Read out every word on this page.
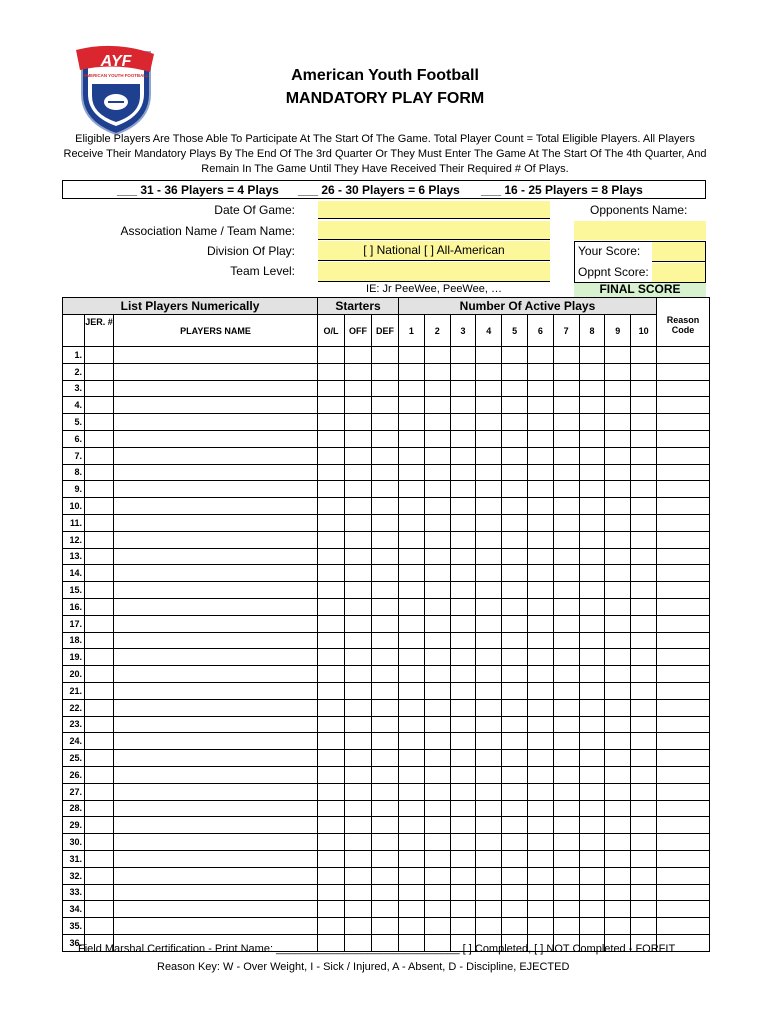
AYF
AMERICAN YOUTH FOOTBALL	American Youth Football
MANDATORY PLAY FORM
Eligible Players Are Those Able To Participate At The Start Of The Game. Total Player Count = Total Eligible Players. All Players Receive Their Mandatory Plays By The End Of The 3rd Quarter Or They Must Enter The Game At The Start Of The 4th Quarter, And Remain In The Game Until They Have Received Their Required # Of Plays.
___ 31 - 36 Players = 4 Plays ___ 26 - 30 Players = 6 Plays ___ 16 - 25 Players = 8 Plays
Date Of Game:
Association Name / Team Name:
Division Of Play:	[ ] National [ ] All-American
Team Level:
IE: Jr PeeWee, PeeWee, …
Opponents Name:
Your Score:
Oppnt Score:
FINAL SCORE
List Players Numerically			Starters			Number Of Active Plays										
	JER. #	PLAYERS NAME	O/L	OFF	DEF	1	2	3	4	5	6	7	8	9	10	Reason Code
1.																
2.																
3.																
4.																
5.																
6.																
7.																
8.																
9.																
10.																
11.																
12.																
13.																
14.																
15.																
16.																
17.																
18.																
19.																
20.																
21.																
22.																
23.																
24.																
25.																
26.																
27.																
28.																
29.																
30.																
31.																
32.																
33.																
34.																
35.																
36.																
Field Marshal Certification - Print Name: ______________________________ [ ] Completed, [ ] NOT Completed - FORFIT
Reason Key: W - Over Weight, I - Sick / Injured, A - Absent, D - Discipline, EJECTED
